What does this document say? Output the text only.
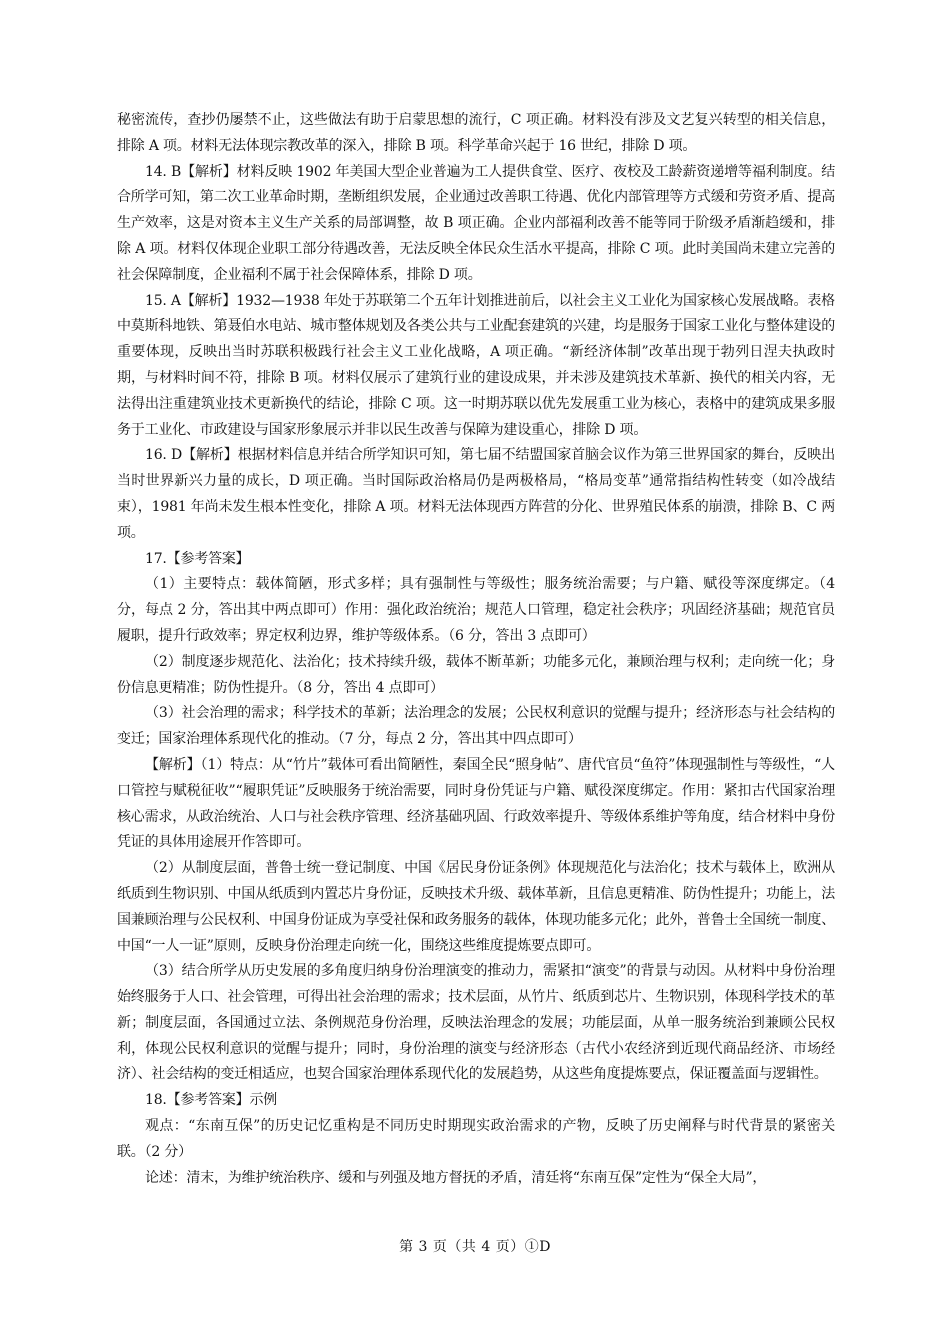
秘密流传，查抄仍屡禁不止，这些做法有助于启蒙思想的流行，C 项正确。材料没有涉及文艺复兴转型的相关信息，排除 A 项。材料无法体现宗教改革的深入，排除 B 项。科学革命兴起于 16 世纪，排除 D 项。

14. B【解析】材料反映 1902 年美国大型企业普遍为工人提供食堂、医疗、夜校及工龄薪资递增等福利制度。结合所学可知，第二次工业革命时期，垄断组织发展，企业通过改善职工待遇、优化内部管理等方式缓和劳资矛盾、提高生产效率，这是对资本主义生产关系的局部调整，故 B 项正确。企业内部福利改善不能等同于阶级矛盾渐趋缓和，排除 A 项。材料仅体现企业职工部分待遇改善，无法反映全体民众生活水平提高，排除 C 项。此时美国尚未建立完善的社会保障制度，企业福利不属于社会保障体系，排除 D 项。

15. A【解析】1932—1938 年处于苏联第二个五年计划推进前后，以社会主义工业化为国家核心发展战略。表格中莫斯科地铁、第聂伯水电站、城市整体规划及各类公共与工业配套建筑的兴建，均是服务于国家工业化与整体建设的重要体现，反映出当时苏联积极践行社会主义工业化战略，A 项正确。“新经济体制”改革出现于勃列日涅夫执政时期，与材料时间不符，排除 B 项。材料仅展示了建筑行业的建设成果，并未涉及建筑技术革新、换代的相关内容，无法得出注重建筑业技术更新换代的结论，排除 C 项。这一时期苏联以优先发展重工业为核心，表格中的建筑成果多服务于工业化、市政建设与国家形象展示并非以民生改善与保障为建设重心，排除 D 项。

16. D【解析】根据材料信息并结合所学知识可知，第七届不结盟国家首脑会议作为第三世界国家的舞台，反映出当时世界新兴力量的成长，D 项正确。当时国际政治格局仍是两极格局，“格局变革”通常指结构性转变（如冷战结束），1981 年尚未发生根本性变化，排除 A 项。材料无法体现西方阵营的分化、世界殖民体系的崩溃，排除 B、C 两项。

17.【参考答案】

（1）主要特点：载体简陋，形式多样；具有强制性与等级性；服务统治需要；与户籍、赋役等深度绑定。（4 分，每点 2 分，答出其中两点即可）作用：强化政治统治；规范人口管理，稳定社会秩序；巩固经济基础；规范官员履职，提升行政效率；界定权利边界，维护等级体系。（6 分，答出 3 点即可）

（2）制度逐步规范化、法治化；技术持续升级，载体不断革新；功能多元化，兼顾治理与权利；走向统一化；身份信息更精准；防伪性提升。（8 分，答出 4 点即可）

（3）社会治理的需求；科学技术的革新；法治理念的发展；公民权利意识的觉醒与提升；经济形态与社会结构的变迁；国家治理体系现代化的推动。（7 分，每点 2 分，答出其中四点即可）

【解析】（1）特点：从“竹片”载体可看出简陋性，秦国全民“照身帖”、唐代官员“鱼符”体现强制性与等级性，“人口管控与赋税征收”“履职凭证”反映服务于统治需要，同时身份凭证与户籍、赋役深度绑定。作用：紧扣古代国家治理核心需求，从政治统治、人口与社会秩序管理、经济基础巩固、行政效率提升、等级体系维护等角度，结合材料中身份凭证的具体用途展开作答即可。

（2）从制度层面，普鲁士统一登记制度、中国《居民身份证条例》体现规范化与法治化；技术与载体上，欧洲从纸质到生物识别、中国从纸质到内置芯片身份证，反映技术升级、载体革新，且信息更精准、防伪性提升；功能上，法国兼顾治理与公民权利、中国身份证成为享受社保和政务服务的载体，体现功能多元化；此外，普鲁士全国统一制度、中国“一人一证”原则，反映身份治理走向统一化，围绕这些维度提炼要点即可。

（3）结合所学从历史发展的多角度归纳身份治理演变的推动力，需紧扣“演变”的背景与动因。从材料中身份治理始终服务于人口、社会管理，可得出社会治理的需求；技术层面，从竹片、纸质到芯片、生物识别，体现科学技术的革新；制度层面，各国通过立法、条例规范身份治理，反映法治理念的发展；功能层面，从单一服务统治到兼顾公民权利，体现公民权利意识的觉醒与提升；同时，身份治理的演变与经济形态（古代小农经济到近现代商品经济、市场经济）、社会结构的变迁相适应，也契合国家治理体系现代化的发展趋势，从这些角度提炼要点，保证覆盖面与逻辑性。

18.【参考答案】示例

观点：“东南互保”的历史记忆重构是不同历史时期现实政治需求的产物，反映了历史阐释与时代背景的紧密关联。（2 分）

论述：清末，为维护统治秩序、缓和与列强及地方督抚的矛盾，清廷将“东南互保”定性为“保全大局”，

第 3 页（共 4 页）①D
